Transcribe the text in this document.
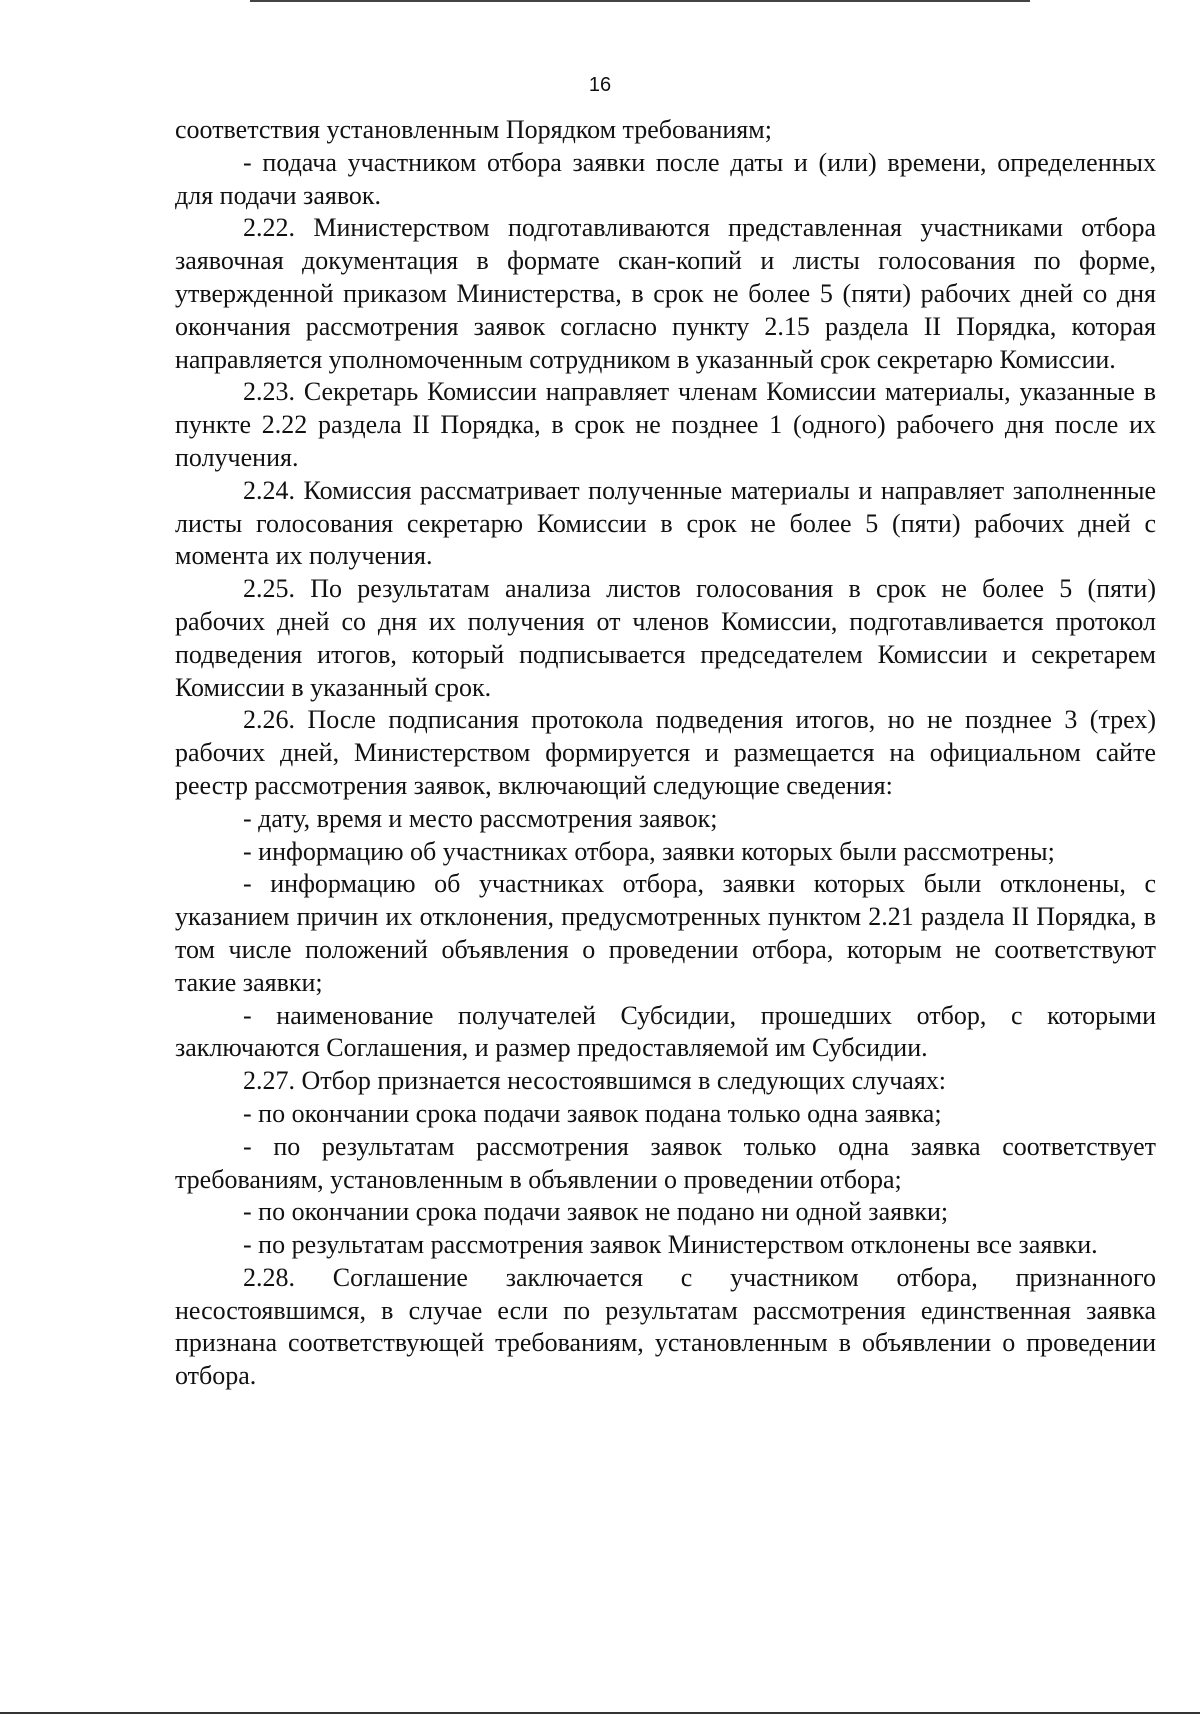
16

соответствия установленным Порядком требованиям;

- подача участником отбора заявки после даты и (или) времени, определенных для подачи заявок.

2.22. Министерством подготавливаются представленная участниками отбора заявочная документация в формате скан-копий и листы голосования по форме, утвержденной приказом Министерства, в срок не более 5 (пяти) рабочих дней со дня окончания рассмотрения заявок согласно пункту 2.15 раздела II Порядка, которая направляется уполномоченным сотрудником в указанный срок секретарю Комиссии.

2.23. Секретарь Комиссии направляет членам Комиссии материалы, указанные в пункте 2.22 раздела II Порядка, в срок не позднее 1 (одного) рабочего дня после их получения.

2.24. Комиссия рассматривает полученные материалы и направляет заполненные листы голосования секретарю Комиссии в срок не более 5 (пяти) рабочих дней с момента их получения.

2.25. По результатам анализа листов голосования в срок не более 5 (пяти) рабочих дней со дня их получения от членов Комиссии, подготавливается протокол подведения итогов, который подписывается председателем Комиссии и секретарем Комиссии в указанный срок.

2.26. После подписания протокола подведения итогов, но не позднее 3 (трех) рабочих дней, Министерством формируется и размещается на официальном сайте реестр рассмотрения заявок, включающий следующие сведения:

- дату, время и место рассмотрения заявок;

- информацию об участниках отбора, заявки которых были рассмотрены;

- информацию об участниках отбора, заявки которых были отклонены, с указанием причин их отклонения, предусмотренных пунктом 2.21 раздела II Порядка, в том числе положений объявления о проведении отбора, которым не соответствуют такие заявки;

- наименование получателей Субсидии, прошедших отбор, с которыми заключаются Соглашения, и размер предоставляемой им Субсидии.

2.27. Отбор признается несостоявшимся в следующих случаях:

- по окончании срока подачи заявок подана только одна заявка;

- по результатам рассмотрения заявок только одна заявка соответствует требованиям, установленным в объявлении о проведении отбора;

- по окончании срока подачи заявок не подано ни одной заявки;

- по результатам рассмотрения заявок Министерством отклонены все заявки.

2.28. Соглашение заключается с участником отбора, признанного несостоявшимся, в случае если по результатам рассмотрения единственная заявка признана соответствующей требованиям, установленным в объявлении о проведении отбора.
